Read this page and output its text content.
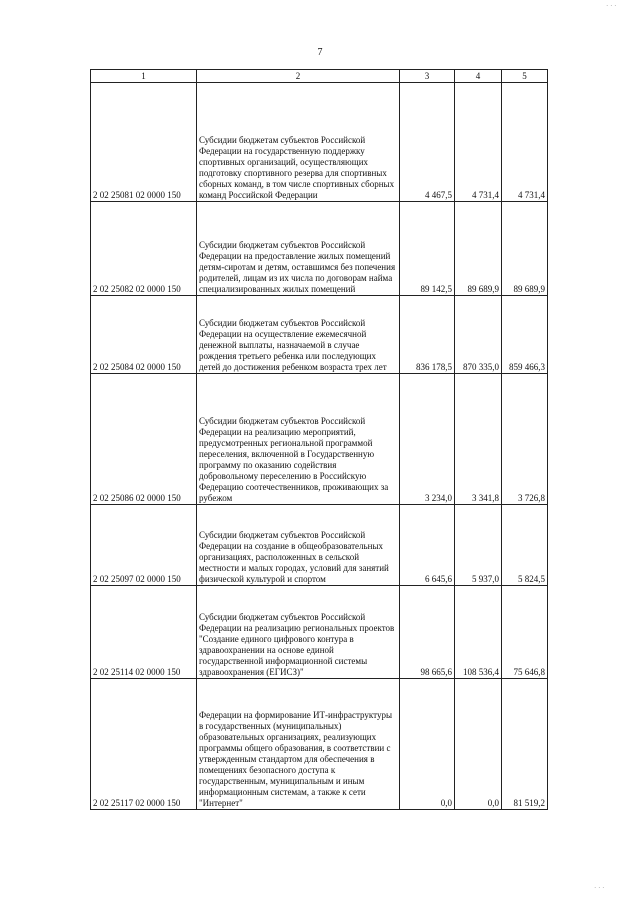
7
1	2	3	4	5
2 02 25081 02 0000 150	Субсидии бюджетам субъектов Российской Федерации на государственную поддержку спортивных организаций, осуществляющих подготовку спортивного резерва для спортивных сборных команд, в том числе спортивных сборных команд Российской Федерации	4 467,5	4 731,4	4 731,4
2 02 25082 02 0000 150	Субсидии бюджетам субъектов Российской Федерации на предоставление жилых помещений детям-сиротам и детям, оставшимся без попечения родителей, лицам из их числа по договорам найма специализированных жилых помещений	89 142,5	89 689,9	89 689,9
2 02 25084 02 0000 150	Субсидии бюджетам субъектов Российской Федерации на осуществление ежемесячной денежной выплаты, назначаемой в случае рождения третьего ребенка или последующих детей до достижения ребенком возраста трех лет	836 178,5	870 335,0	859 466,3
2 02 25086 02 0000 150	Субсидии бюджетам субъектов Российской Федерации на реализацию мероприятий, предусмотренных региональной программой переселения, включенной в Государственную программу по оказанию содействия добровольному переселению в Российскую Федерацию соотечественников, проживающих за рубежом	3 234,0	3 341,8	3 726,8
2 02 25097 02 0000 150	Субсидии бюджетам субъектов Российской Федерации на создание в общеобразовательных организациях, расположенных в сельской местности и малых городах, условий для занятий физической культурой и спортом	6 645,6	5 937,0	5 824,5
2 02 25114 02 0000 150	Субсидии бюджетам субъектов Российской Федерации на реализацию региональных проектов "Создание единого цифрового контура в здравоохранении на основе единой государственной информационной системы здравоохранения (ЕГИСЗ)"	98 665,6	108 536,4	75 646,8
2 02 25117 02 0000 150	Федерации на формирование ИТ-инфраструктуры в государственных (муниципальных) образовательных организациях, реализующих программы общего образования, в соответствии с утвержденным стандартом для обеспечения в помещениях безопасного доступа к государственным, муниципальным и иным информационным системам, а также к сети "Интернет"	0,0	0,0	81 519,2
· · ·
· · ·
